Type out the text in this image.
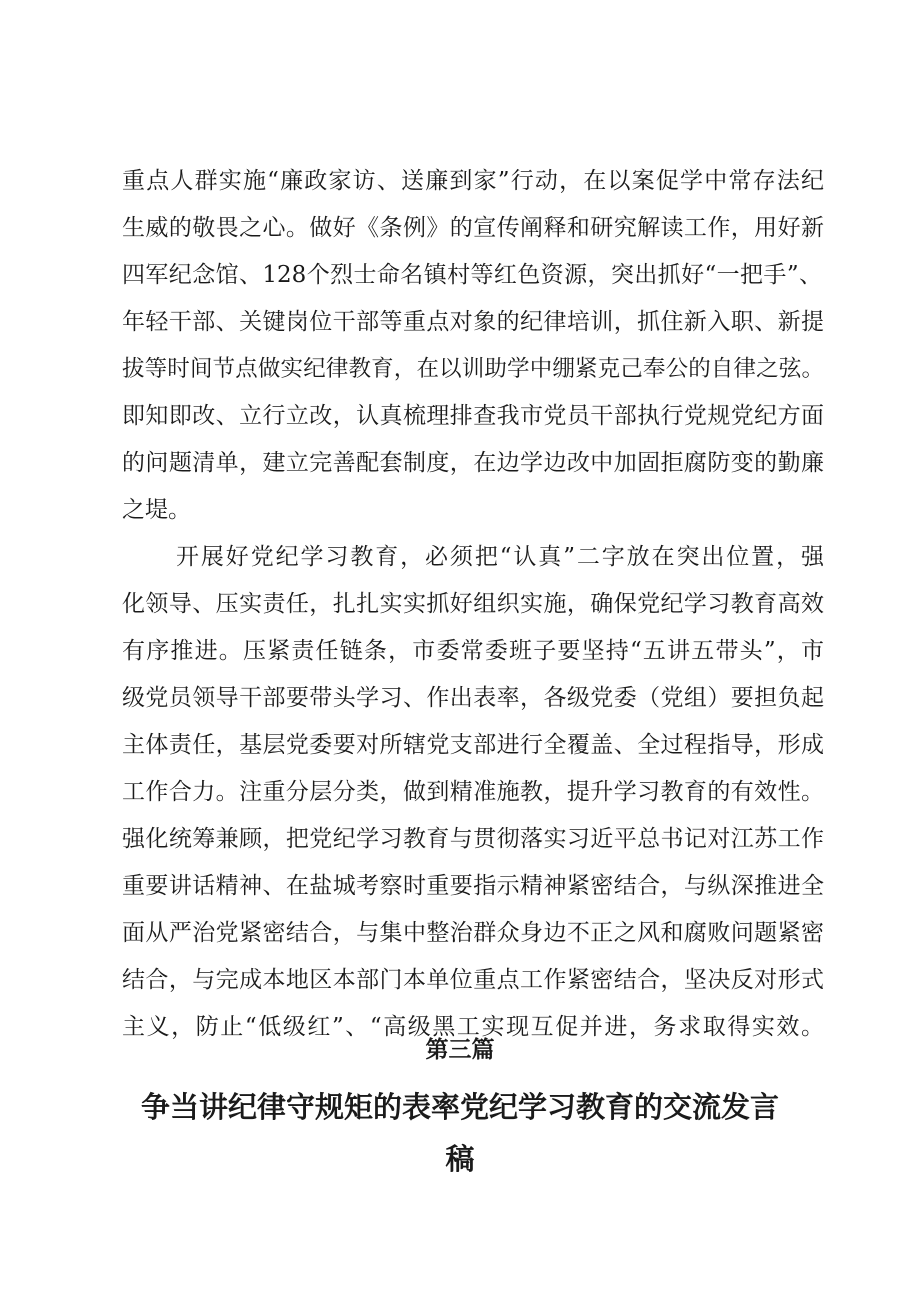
重点人群实施“廉政家访、送廉到家”行动，在以案促学中常存法纪
生威的敬畏之心。做好《条例》的宣传阐释和研究解读工作，用好新
四军纪念馆、128个烈士命名镇村等红色资源，突出抓好“一把手”、
年轻干部、关键岗位干部等重点对象的纪律培训，抓住新入职、新提
拔等时间节点做实纪律教育，在以训助学中绷紧克己奉公的自律之弦。
即知即改、立行立改，认真梳理排查我市党员干部执行党规党纪方面
的问题清单，建立完善配套制度，在边学边改中加固拒腐防变的勤廉
之堤。
开展好党纪学习教育，必须把“认真”二字放在突出位置，强
化领导、压实责任，扎扎实实抓好组织实施，确保党纪学习教育高效
有序推进。压紧责任链条，市委常委班子要坚持“五讲五带头”，市
级党员领导干部要带头学习、作出表率，各级党委（党组）要担负起
主体责任，基层党委要对所辖党支部进行全覆盖、全过程指导，形成
工作合力。注重分层分类，做到精准施教，提升学习教育的有效性。
强化统筹兼顾，把党纪学习教育与贯彻落实习近平总书记对江苏工作
重要讲话精神、在盐城考察时重要指示精神紧密结合，与纵深推进全
面从严治党紧密结合，与集中整治群众身边不正之风和腐败问题紧密
结合，与完成本地区本部门本单位重点工作紧密结合，坚决反对形式
主义，防止“低级红”、“高级黑工实现互促并进，务求取得实效。
第三篇
争当讲纪律守规矩的表率党纪学习教育的交流发言
稿
